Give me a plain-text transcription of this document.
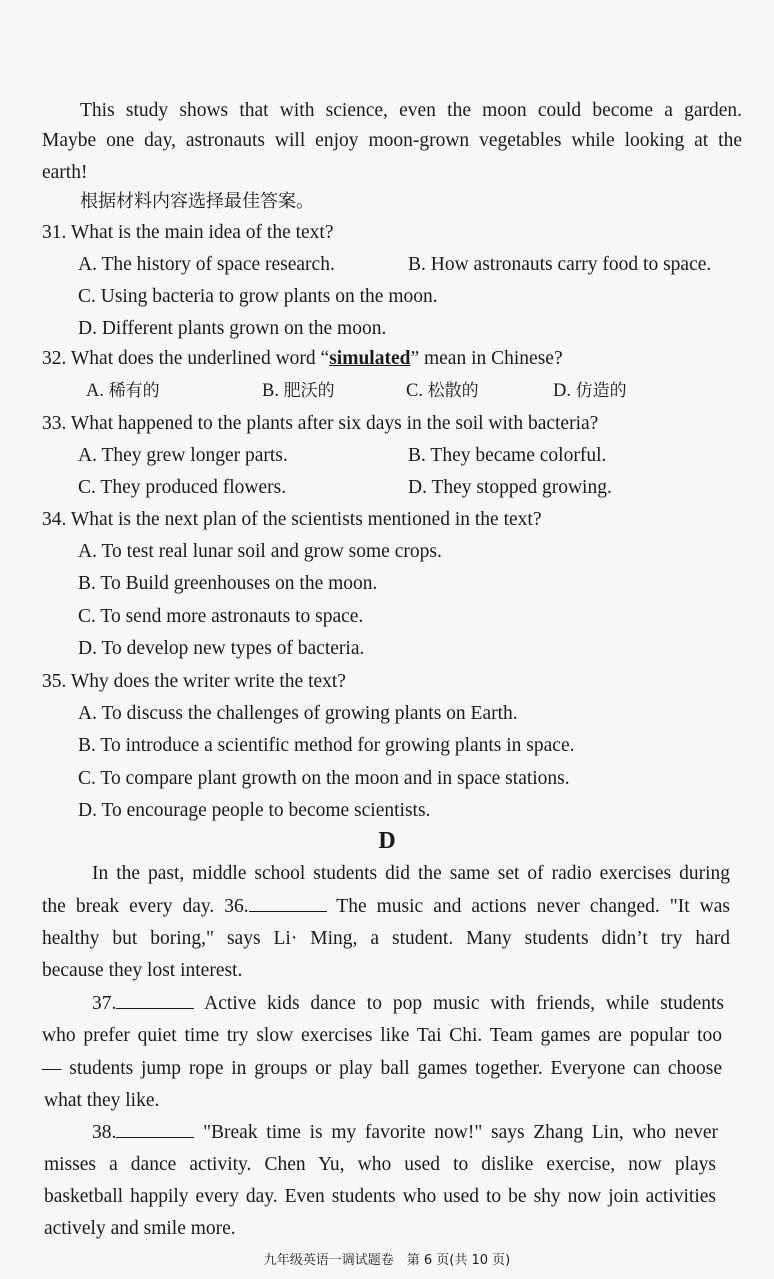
This study shows that with science, even the moon could become a garden.
Maybe one day, astronauts will enjoy moon-grown vegetables while looking at the
earth!
根据材料内容选择最佳答案。
31. What is the main idea of the text?
A. The history of space research.	B. How astronauts carry food to space.
C. Using bacteria to grow plants on the moon.
D. Different plants grown on the moon.
32. What does the underlined word “simulated” mean in Chinese?
A. 稀有的	B. 肥沃的	C. 松散的	D. 仿造的
33. What happened to the plants after six days in the soil with bacteria?
A. They grew longer parts.	B. They became colorful.
C. They produced flowers.	D. They stopped growing.
34. What is the next plan of the scientists mentioned in the text?
A. To test real lunar soil and grow some crops.
B. To Build greenhouses on the moon.
C. To send more astronauts to space.
D. To develop new types of bacteria.
35. Why does the writer write the text?
A. To discuss the challenges of growing plants on Earth.
B. To introduce a scientific method for growing plants in space.
C. To compare plant growth on the moon and in space stations.
D. To encourage people to become scientists.
D
In the past, middle school students did the same set of radio exercises during
the break every day. 36.	The music and actions never changed. "It was
healthy but boring," says Li· Ming, a student. Many students didn’t try hard
because they lost interest.
37.	Active kids dance to pop music with friends, while students
who prefer quiet time try slow exercises like Tai Chi. Team games are popular too
— students jump rope in groups or play ball games together. Everyone can choose
what they like.
38.	"Break time is my favorite now!" says Zhang Lin, who never
misses a dance activity. Chen Yu, who used to dislike exercise, now plays
basketball happily every day. Even students who used to be shy now join activities
actively and smile more.
九年级英语一调试题卷　第 6 页(共 10 页)
